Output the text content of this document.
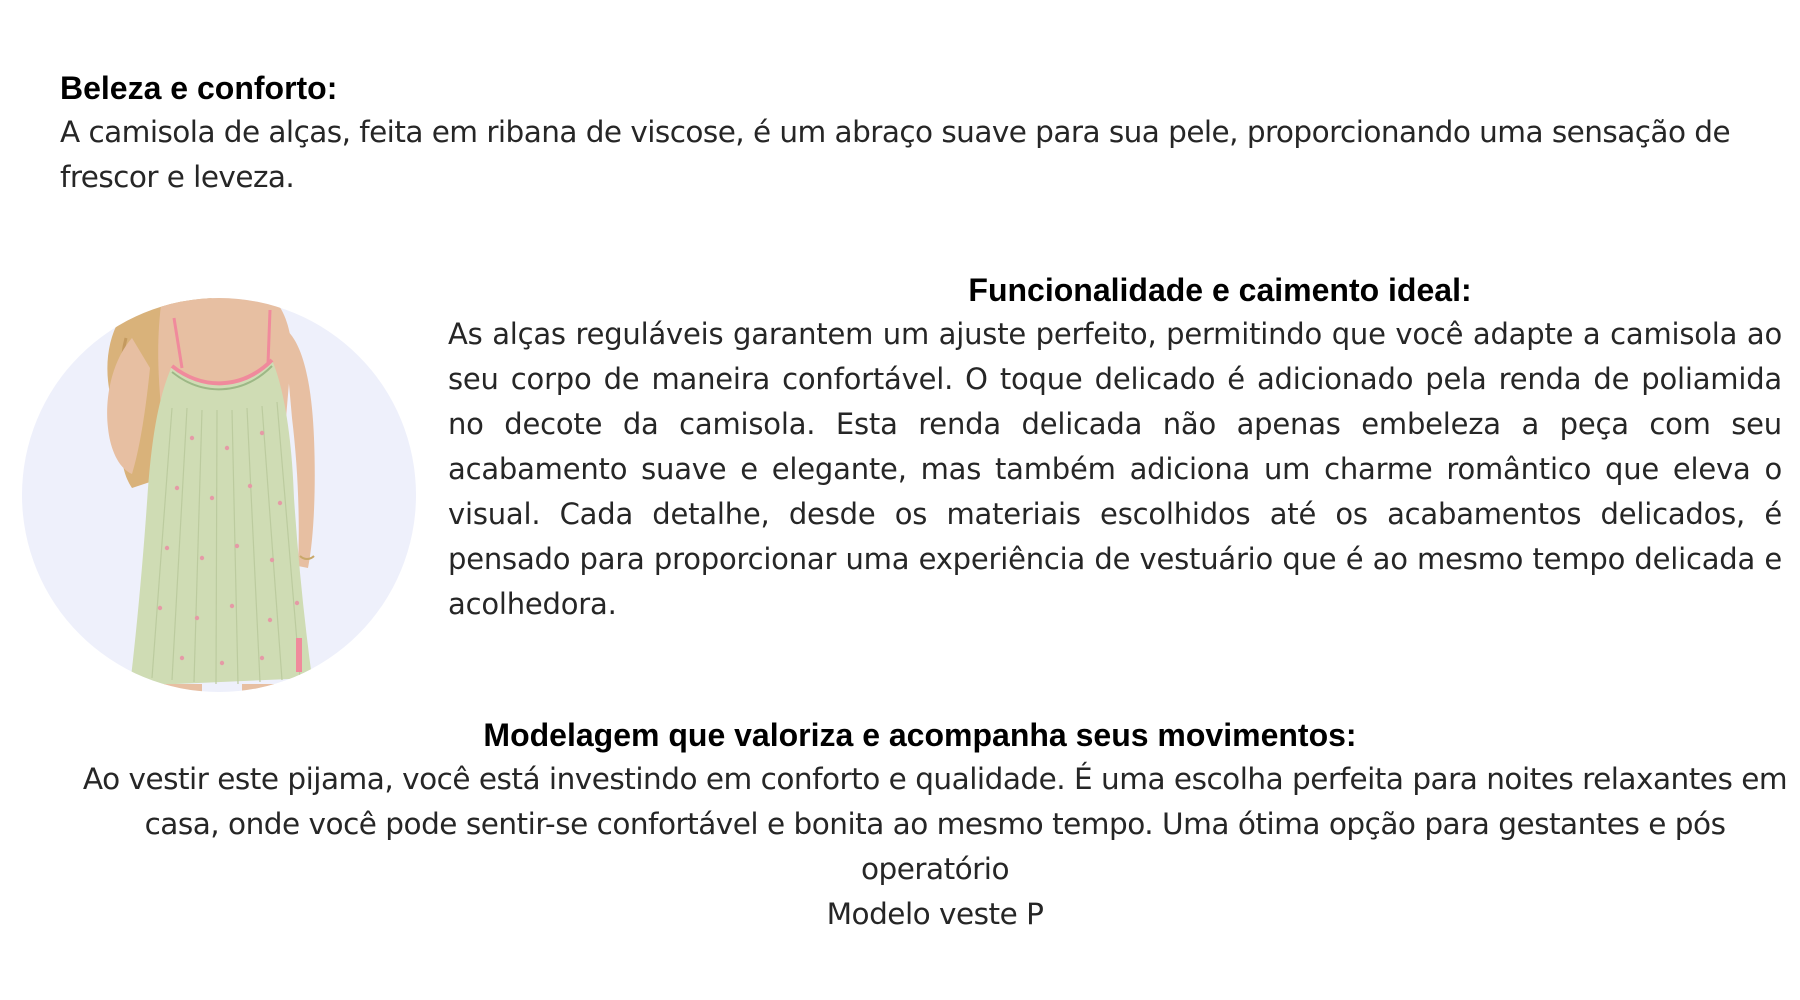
Beleza e conforto:

A camisola de alças, feita em ribana de viscose, é um abraço suave para sua pele, proporcionando uma sensação de frescor e leveza.

Funcionalidade e caimento ideal:

As alças reguláveis garantem um ajuste perfeito, permitindo que você adapte a camisola ao seu corpo de maneira confortável. O toque delicado é adicionado pela renda de poliamida no decote da camisola. Esta renda delicada não apenas embeleza a peça com seu acabamento suave e elegante, mas também adiciona um charme romântico que eleva o visual. Cada detalhe, desde os materiais escolhidos até os acabamentos delicados, é pensado para proporcionar uma experiência de vestuário que é ao mesmo tempo delicada e acolhedora.

Modelagem que valoriza e acompanha seus movimentos:

Ao vestir este pijama, você está investindo em conforto e qualidade. É uma escolha perfeita para noites relaxantes em casa, onde você pode sentir-se confortável e bonita ao mesmo tempo. Uma ótima opção para gestantes e pós operatório

Modelo veste P
